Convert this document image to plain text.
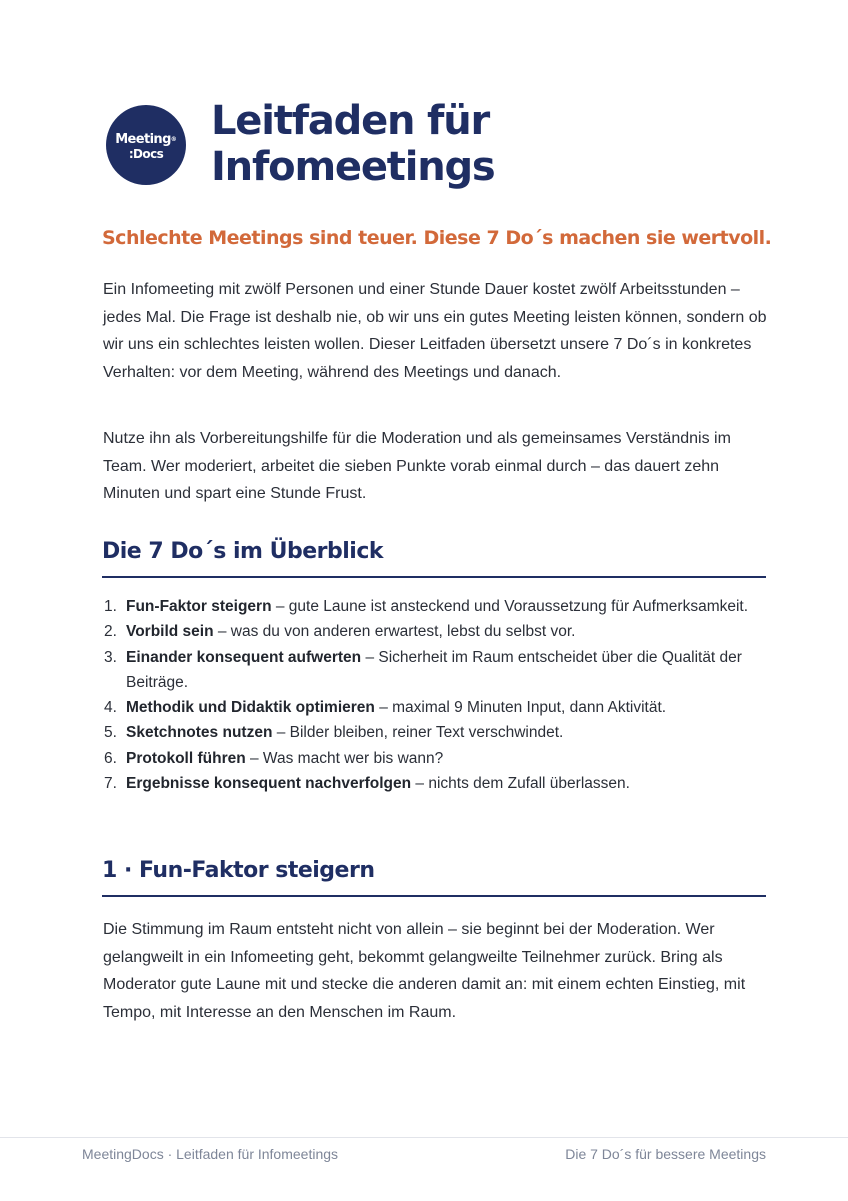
Meeting®
:Docs
Leitfaden für
Infomeetings
Schlechte Meetings sind teuer. Diese 7 Do´s machen sie wertvoll.

Ein Infomeeting mit zwölf Personen und einer Stunde Dauer kostet zwölf Arbeitsstunden – jedes Mal. Die Frage ist deshalb nie, ob wir uns ein gutes Meeting leisten können, sondern ob wir uns ein schlechtes leisten wollen. Dieser Leitfaden übersetzt unsere 7 Do´s in konkretes Verhalten: vor dem Meeting, während des Meetings und danach.

Nutze ihn als Vorbereitungshilfe für die Moderation und als gemeinsames Verständnis im Team. Wer moderiert, arbeitet die sieben Punkte vorab einmal durch – das dauert zehn Minuten und spart eine Stunde Frust.

Die 7 Do´s im Überblick
1. Fun-Faktor steigern – gute Laune ist ansteckend und Voraussetzung für Aufmerksamkeit.
2. Vorbild sein – was du von anderen erwartest, lebst du selbst vor.
3. Einander konsequent aufwerten – Sicherheit im Raum entscheidet über die Qualität der Beiträge.
4. Methodik und Didaktik optimieren – maximal 9 Minuten Input, dann Aktivität.
5. Sketchnotes nutzen – Bilder bleiben, reiner Text verschwindet.
6. Protokoll führen – Was macht wer bis wann?
7. Ergebnisse konsequent nachverfolgen – nichts dem Zufall überlassen.
1 · Fun-Faktor steigern

Die Stimmung im Raum entsteht nicht von allein – sie beginnt bei der Moderation. Wer gelangweilt in ein Infomeeting geht, bekommt gelangweilte Teilnehmer zurück. Bring als Moderator gute Laune mit und stecke die anderen damit an: mit einem echten Einstieg, mit Tempo, mit Interesse an den Menschen im Raum.

MeetingDocs · Leitfaden für Infomeetings	Die 7 Do´s für bessere Meetings
